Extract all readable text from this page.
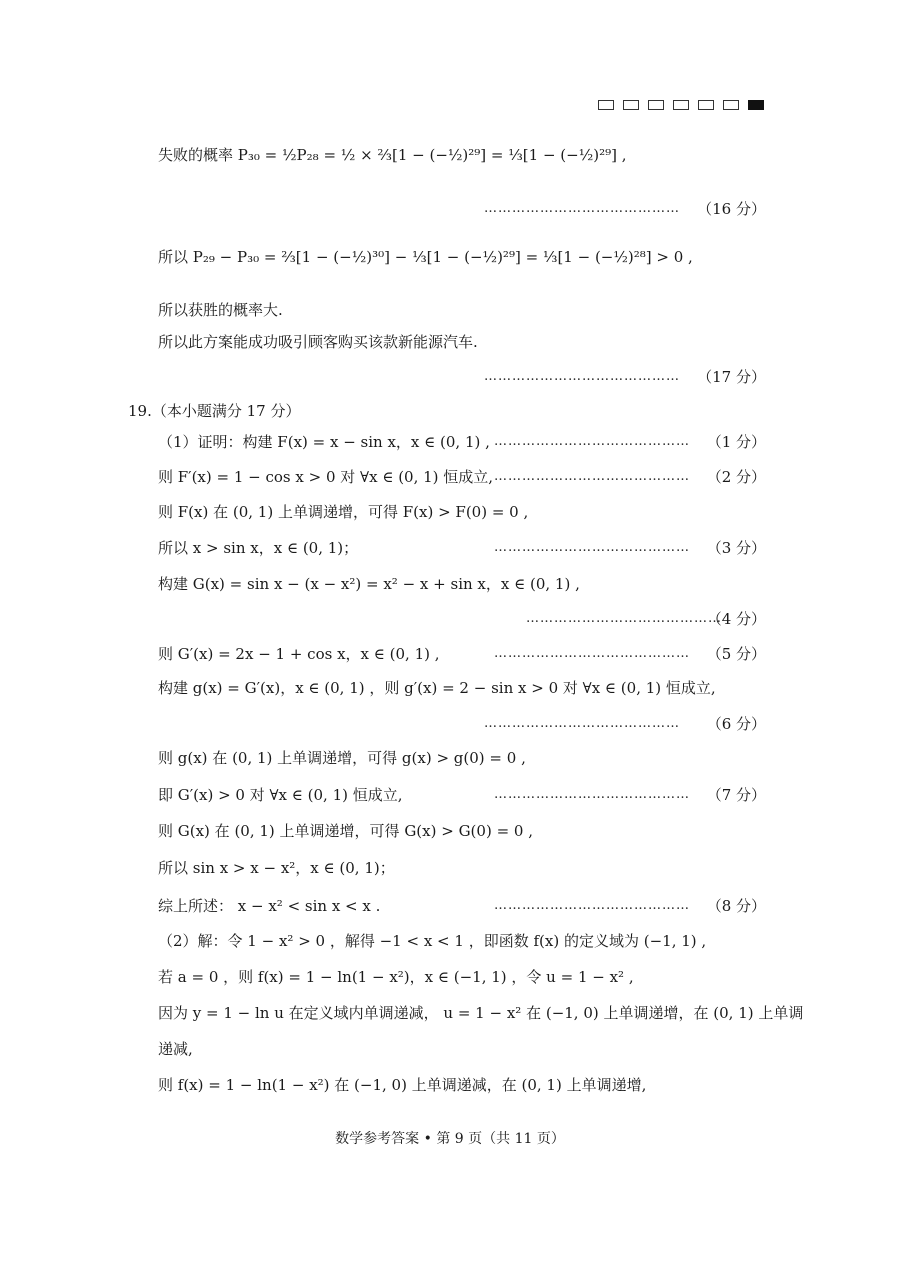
失败的概率 P₃₀ = ½P₂₈ = ½ × ⅔[1 − (−½)²⁹] = ⅓[1 − (−½)²⁹] ,
…………………………………… （16 分）
所以 P₂₉ − P₃₀ = ⅔[1 − (−½)³⁰] − ⅓[1 − (−½)²⁹] = ⅓[1 − (−½)²⁸] > 0 ,
所以获胜的概率大.
所以此方案能成功吸引顾客购买该款新能源汽车.
…………………………………… （17 分）
19.（本小题满分 17 分）
（1）证明：构建 F(x) = x − sin x，x ∈ (0, 1) , …………………………………… （1 分）
则 F′(x) = 1 − cos x > 0 对 ∀x ∈ (0, 1) 恒成立, …………………………………… （2 分）
则 F(x) 在 (0, 1) 上单调递增，可得 F(x) > F(0) = 0 ,
所以 x > sin x，x ∈ (0, 1)；	…………………………………… （3 分）
构建 G(x) = sin x − (x − x²) = x² − x + sin x，x ∈ (0, 1) ,
……………………………………
（4 分）
则 G′(x) = 2x − 1 + cos x，x ∈ (0, 1) ,	…………………………………… （5 分）
构建 g(x) = G′(x)，x ∈ (0, 1) ，则 g′(x) = 2 − sin x > 0 对 ∀x ∈ (0, 1) 恒成立,
…………………………………… （6 分）
则 g(x) 在 (0, 1) 上单调递增，可得 g(x) > g(0) = 0 ,
即 G′(x) > 0 对 ∀x ∈ (0, 1) 恒成立,	…………………………………… （7 分）
则 G(x) 在 (0, 1) 上单调递增，可得 G(x) > G(0) = 0 ,
所以 sin x > x − x²，x ∈ (0, 1)；
综上所述： x − x² < sin x < x .	…………………………………… （8 分）
（2）解：令 1 − x² > 0 ，解得 −1 < x < 1 ，即函数 f(x) 的定义域为 (−1, 1) ,
若 a = 0 ，则 f(x) = 1 − ln(1 − x²)，x ∈ (−1, 1) ，令 u = 1 − x² ,
因为 y = 1 − ln u 在定义域内单调递减， u = 1 − x² 在 (−1, 0) 上单调递增，在 (0, 1) 上单调
递减,
则 f(x) = 1 − ln(1 − x²) 在 (−1, 0) 上单调递减，在 (0, 1) 上单调递增,
数学参考答案 • 第 9 页（共 11 页）
